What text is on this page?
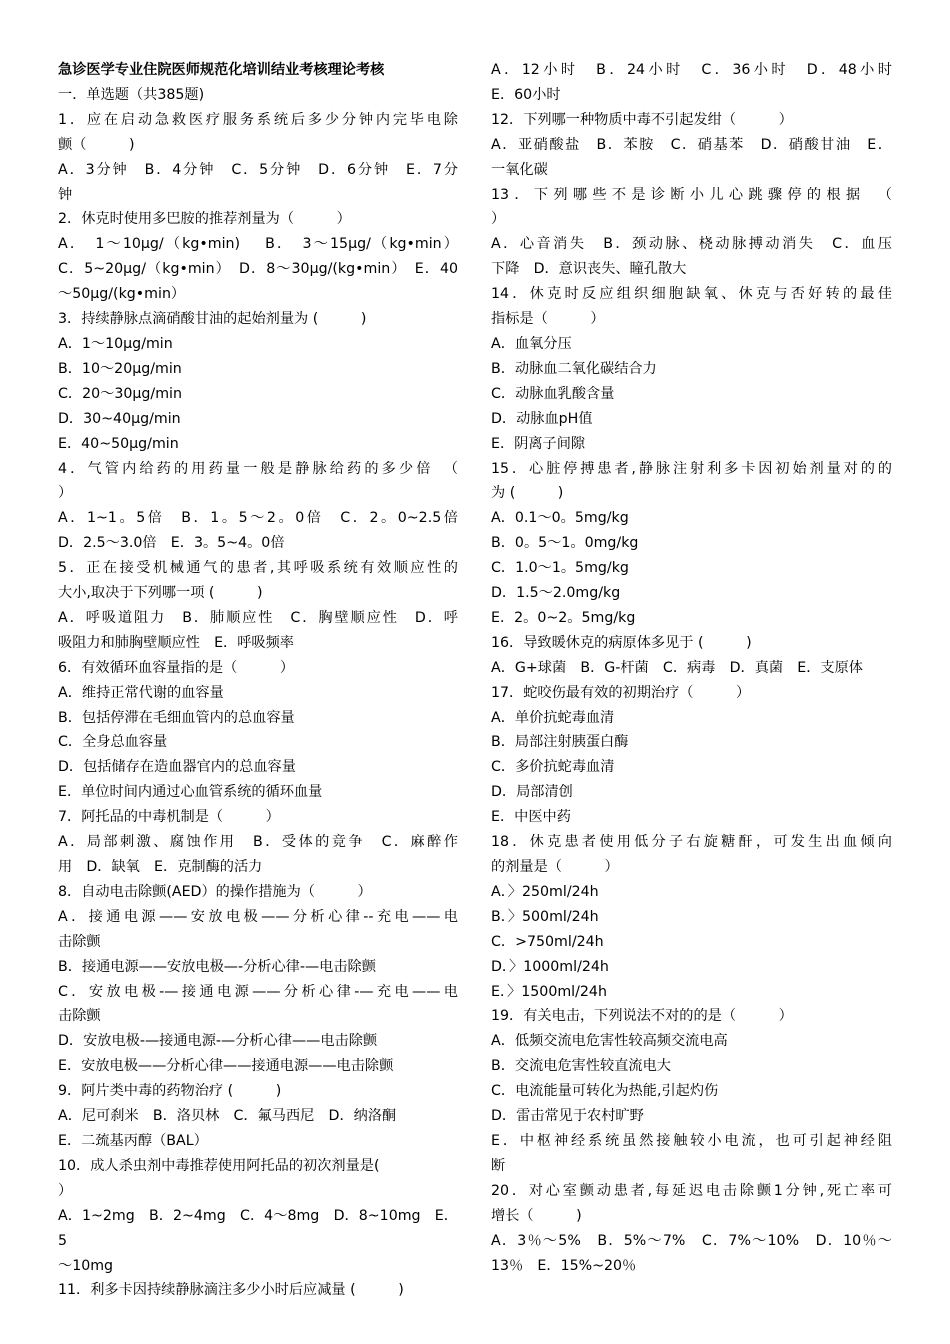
急诊医学专业住院医师规范化培训结业考核理论考核
一．单选题（共385题)
1．应在启动急救医疗服务系统后多少分钟内完毕电除
颤（　　　)
A．3分钟　B．4分钟　C．5分钟　D．6分钟　E．7分
钟
2．休克时使用多巴胺的推荐剂量为（　　　）
A．　1～10μg/（kg•min)　 B．　3～15μg/（kg•min）
C．5~20μg/（kg•min）　D．8～30μg/(kg•min）　E．40
～50μg/(kg•min）
3．持续静脉点滴硝酸甘油的起始剂量为 (　　　)
A．1～10μg/min
B．10～20μg/min
C．20～30μg/min
D．30~40μg/min
E．40~50μg/min
4．气管内给药的用药量一般是静脉给药的多少倍　（
）
A．1~1。5倍　B．1。5～2。0倍　C．2。0~2.5倍
D．2.5～3.0倍　E．3。5~4。0倍
5．正在接受机械通气的患者,其呼吸系统有效顺应性的
大小,取决于下列哪一项 (　　　)
A．呼吸道阻力　B．肺顺应性　C．胸壁顺应性　D．呼
吸阻力和肺胸壁顺应性　E．呼吸频率
6．有效循环血容量指的是（　　　）
A．维持正常代谢的血容量
B．包括停滞在毛细血管内的总血容量
C．全身总血容量
D．包括储存在造血器官内的总血容量
E．单位时间内通过心血管系统的循环血量
7．阿托品的中毒机制是（　　　）
A．局部刺激、腐蚀作用　B．受体的竞争　C．麻醉作
用　D．缺氧　E．克制酶的活力
8．自动电击除颤(AED）的操作措施为（　　　）
A．接通电源——安放电极——分析心律--充电——电
击除颤
B．接通电源——安放电极—-分析心律-—电击除颤
C．安放电极-—接通电源——分析心律-—充电——电
击除颤
D．安放电极-—接通电源-—分析心律——电击除颤
E．安放电极——分析心律——接通电源——电击除颤
9．阿片类中毒的药物治疗 (　　　)
A．尼可刹米　B．洛贝林　C．氟马西尼　D．纳洛酮
E．二巯基丙醇（BAL）
10．成人杀虫剂中毒推荐使用阿托品的初次剂量是(
）
A．1~2mg　B．2~4mg　C．4～8mg　D．8~10mg　E．5
～10mg
11．利多卡因持续静脉滴注多少小时后应减量 (　　　)
A．12小时　B．24小时　C．36小时　D．48小时
E．60小时
12．下列哪一种物质中毒不引起发绀（　　　）
A．亚硝酸盐　B．苯胺　C．硝基苯　D．硝酸甘油　E．
一氧化碳
13．下列哪些不是诊断小儿心跳骤停的根据　（
）
A．心音消失　B．颈动脉、桡动脉搏动消失　C．血压
下降　D．意识丧失、瞳孔散大
14．休克时反应组织细胞缺氧、休克与否好转的最佳
指标是（　　　）
A．血氧分压
B．动脉血二氧化碳结合力
C．动脉血乳酸含量
D．动脉血pH值
E．阴离子间隙
15．心脏停搏患者,静脉注射利多卡因初始剂量对的的
为 (　　　)
A．0.1～0。5mg/kg
B．0。5～1。0mg/kg
C．1.0～1。5mg/kg
D．1.5～2.0mg/kg
E．2。0~2。5mg/kg
16．导致暖休克的病原体多见于 (　　　)
A．G+球菌　B．G-杆菌　C．病毒　D．真菌　E．支原体
17．蛇咬伤最有效的初期治疗（　　　）
A．单价抗蛇毒血清
B．局部注射胰蛋白酶
C．多价抗蛇毒血清
D．局部清创
E．中医中药
18．休克患者使用低分子右旋糖酐，可发生出血倾向
的剂量是（　　　）
A．〉250ml/24h
B．〉500ml/24h
C．>750ml/24h
D．〉1000ml/24h
E．〉1500ml/24h
19．有关电击，下列说法不对的的是（　　　）
A．低频交流电危害性较高频交流电高
B．交流电危害性较直流电大
C．电流能量可转化为热能,引起灼伤
D．雷击常见于农村旷野
E．中枢神经系统虽然接触较小电流，也可引起神经阻
断
20．对心室颤动患者,每延迟电击除颤1分钟,死亡率可
增长（　　　)
A．3％～5%　B．5%～7%　C．7%～10%　D．10％～
13％　E．15%~20％
